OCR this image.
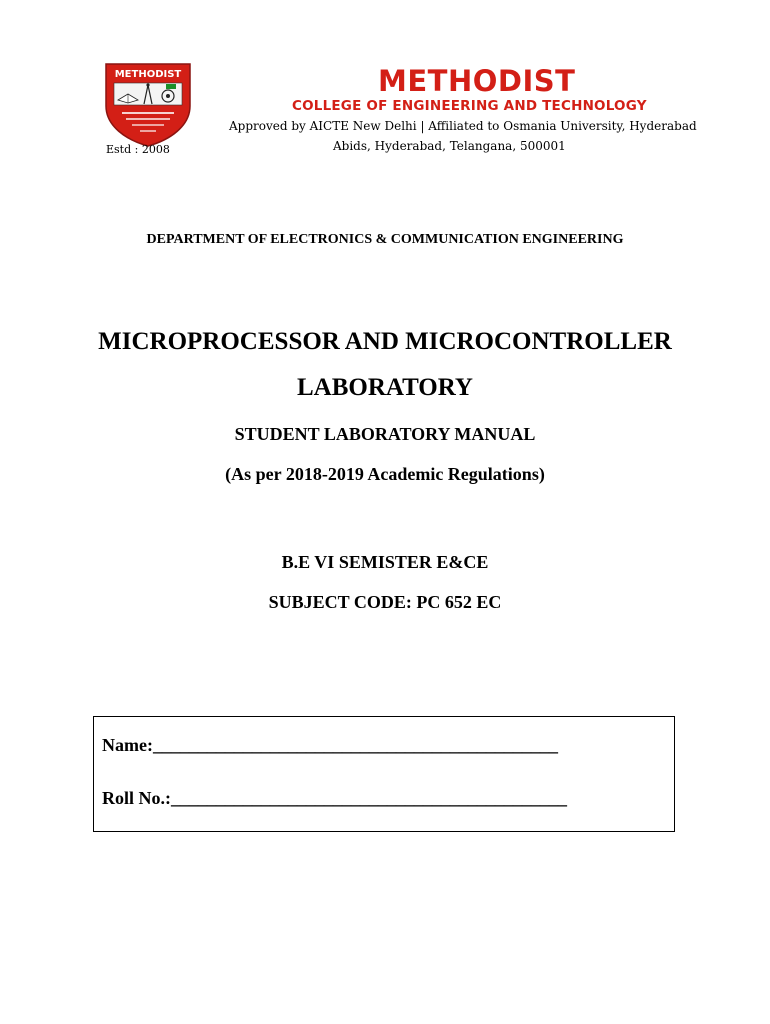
METHODIST
Estd : 2008
METHODIST
COLLEGE OF ENGINEERING AND TECHNOLOGY
Approved by AICTE New Delhi | Affiliated to Osmania University, Hyderabad
Abids, Hyderabad, Telangana, 500001
DEPARTMENT OF ELECTRONICS & COMMUNICATION ENGINEERING
MICROPROCESSOR AND MICROCONTROLLER
LABORATORY
STUDENT LABORATORY MANUAL
(As per 2018-2019 Academic Regulations)
B.E VI SEMISTER E&CE
SUBJECT CODE: PC 652 EC
Name:_____________________________________________
Roll No.:____________________________________________
